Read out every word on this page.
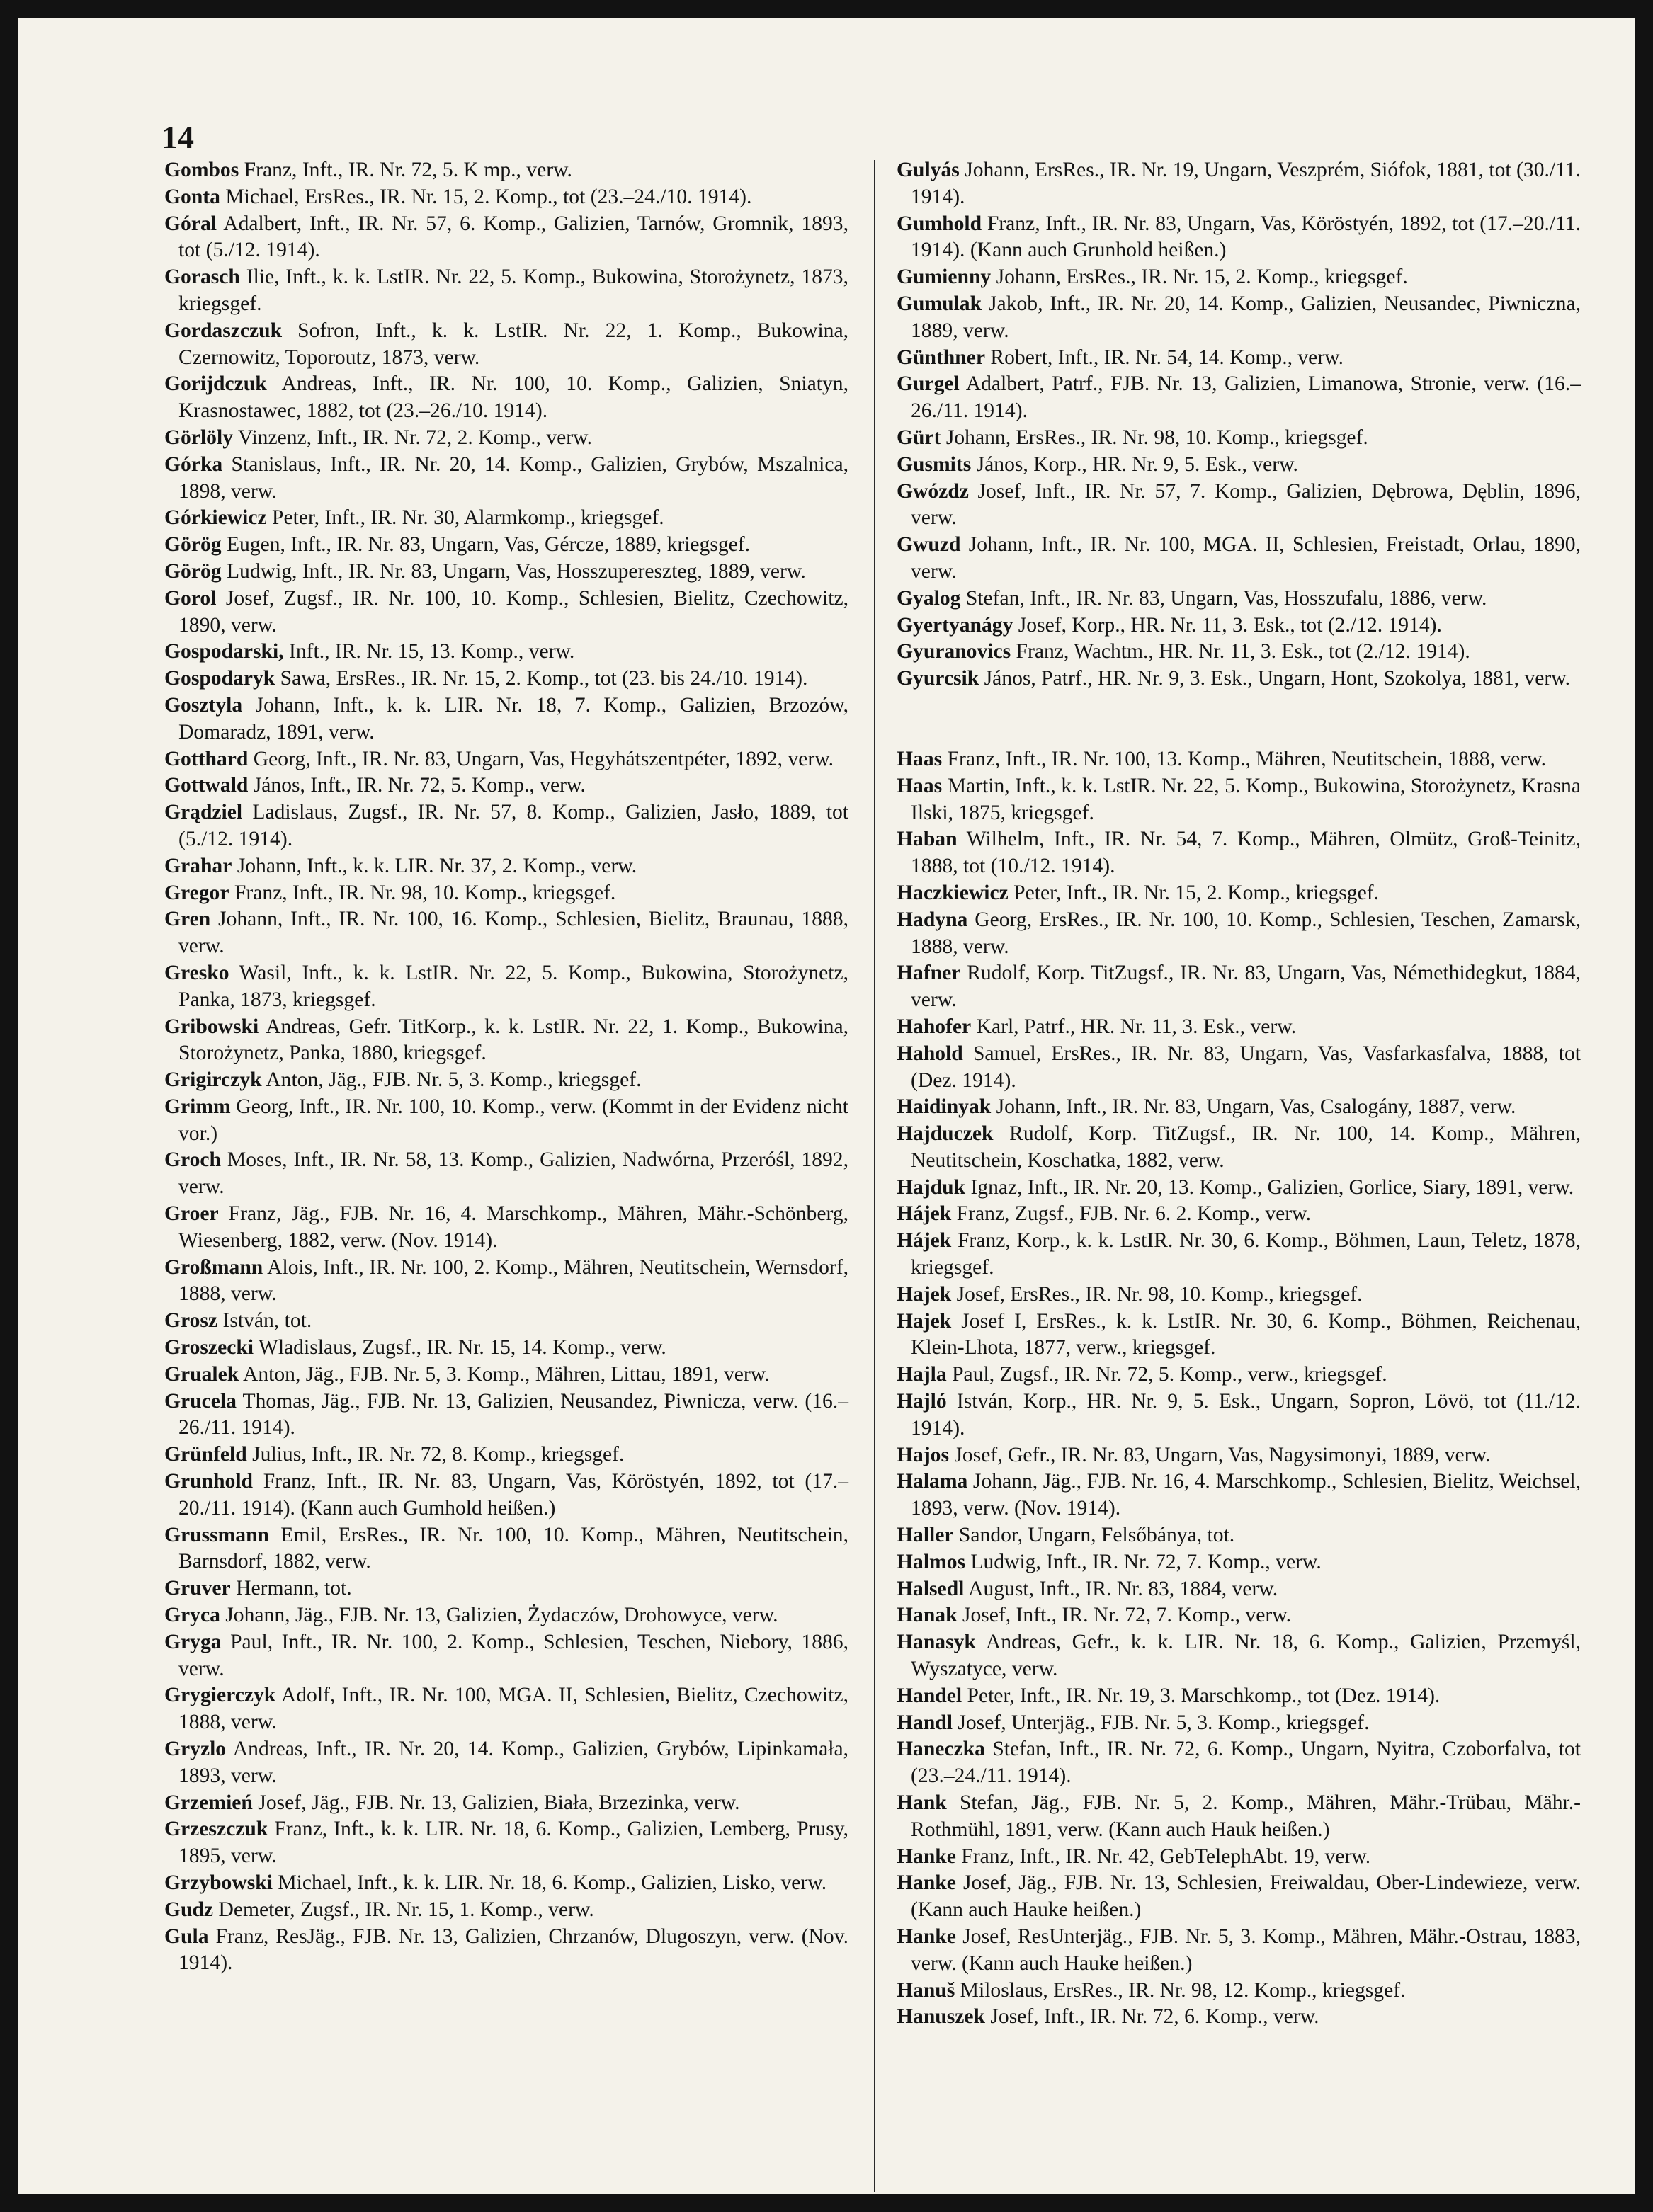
14
Gombos Franz, Inft., IR. Nr. 72, 5. K mp., verw.
Gonta Michael, ErsRes., IR. Nr. 15, 2. Komp., tot (23.–24./10. 1914).
Góral Adalbert, Inft., IR. Nr. 57, 6. Komp., Galizien, Tarnów, Gromnik, 1893, tot (5./12. 1914).
Gorasch Ilie, Inft., k. k. LstIR. Nr. 22, 5. Komp., Bukowina, Storożynetz, 1873, kriegsgef.
Gordaszczuk Sofron, Inft., k. k. LstIR. Nr. 22, 1. Komp., Bukowina, Czernowitz, Toporoutz, 1873, verw.
Gorijdczuk Andreas, Inft., IR. Nr. 100, 10. Komp., Galizien, Sniatyn, Krasnostawec, 1882, tot (23.–26./10. 1914).
Görlöly Vinzenz, Inft., IR. Nr. 72, 2. Komp., verw.
Górka Stanislaus, Inft., IR. Nr. 20, 14. Komp., Galizien, Grybów, Mszalnica, 1898, verw.
Górkiewicz Peter, Inft., IR. Nr. 30, Alarmkomp., kriegsgef.
Görög Eugen, Inft., IR. Nr. 83, Ungarn, Vas, Gércze, 1889, kriegsgef.
Görög Ludwig, Inft., IR. Nr. 83, Ungarn, Vas, Hosszupereszteg, 1889, verw.
Gorol Josef, Zugsf., IR. Nr. 100, 10. Komp., Schlesien, Bielitz, Czechowitz, 1890, verw.
Gospodarski, Inft., IR. Nr. 15, 13. Komp., verw.
Gospodaryk Sawa, ErsRes., IR. Nr. 15, 2. Komp., tot (23. bis 24./10. 1914).
Gosztyla Johann, Inft., k. k. LIR. Nr. 18, 7. Komp., Galizien, Brzozów, Domaradz, 1891, verw.
Gotthard Georg, Inft., IR. Nr. 83, Ungarn, Vas, Hegyhátszentpéter, 1892, verw.
Gottwald János, Inft., IR. Nr. 72, 5. Komp., verw.
Grądziel Ladislaus, Zugsf., IR. Nr. 57, 8. Komp., Galizien, Jasło, 1889, tot (5./12. 1914).
Grahar Johann, Inft., k. k. LIR. Nr. 37, 2. Komp., verw.
Gregor Franz, Inft., IR. Nr. 98, 10. Komp., kriegsgef.
Gren Johann, Inft., IR. Nr. 100, 16. Komp., Schlesien, Bielitz, Braunau, 1888, verw.
Gresko Wasil, Inft., k. k. LstIR. Nr. 22, 5. Komp., Bukowina, Storożynetz, Panka, 1873, kriegsgef.
Gribowski Andreas, Gefr. TitKorp., k. k. LstIR. Nr. 22, 1. Komp., Bukowina, Storożynetz, Panka, 1880, kriegsgef.
Grigirczyk Anton, Jäg., FJB. Nr. 5, 3. Komp., kriegsgef.
Grimm Georg, Inft., IR. Nr. 100, 10. Komp., verw. (Kommt in der Evidenz nicht vor.)
Groch Moses, Inft., IR. Nr. 58, 13. Komp., Galizien, Nadwórna, Przeróśl, 1892, verw.
Groer Franz, Jäg., FJB. Nr. 16, 4. Marschkomp., Mähren, Mähr.-Schönberg, Wiesenberg, 1882, verw. (Nov. 1914).
Großmann Alois, Inft., IR. Nr. 100, 2. Komp., Mähren, Neutitschein, Wernsdorf, 1888, verw.
Grosz István, tot.
Groszecki Wladislaus, Zugsf., IR. Nr. 15, 14. Komp., verw.
Grualek Anton, Jäg., FJB. Nr. 5, 3. Komp., Mähren, Littau, 1891, verw.
Grucela Thomas, Jäg., FJB. Nr. 13, Galizien, Neusandez, Piwnicza, verw. (16.–26./11. 1914).
Grünfeld Julius, Inft., IR. Nr. 72, 8. Komp., kriegsgef.
Grunhold Franz, Inft., IR. Nr. 83, Ungarn, Vas, Köröstyén, 1892, tot (17.–20./11. 1914). (Kann auch Gumhold heißen.)
Grussmann Emil, ErsRes., IR. Nr. 100, 10. Komp., Mähren, Neutitschein, Barnsdorf, 1882, verw.
Gruver Hermann, tot.
Gryca Johann, Jäg., FJB. Nr. 13, Galizien, Żydaczów, Drohowyce, verw.
Gryga Paul, Inft., IR. Nr. 100, 2. Komp., Schlesien, Teschen, Niebory, 1886, verw.
Grygierczyk Adolf, Inft., IR. Nr. 100, MGA. II, Schlesien, Bielitz, Czechowitz, 1888, verw.
Gryzlo Andreas, Inft., IR. Nr. 20, 14. Komp., Galizien, Grybów, Lipinkamała, 1893, verw.
Grzemień Josef, Jäg., FJB. Nr. 13, Galizien, Biała, Brzezinka, verw.
Grzeszczuk Franz, Inft., k. k. LIR. Nr. 18, 6. Komp., Galizien, Lemberg, Prusy, 1895, verw.
Grzybowski Michael, Inft., k. k. LIR. Nr. 18, 6. Komp., Galizien, Lisko, verw.
Gudz Demeter, Zugsf., IR. Nr. 15, 1. Komp., verw.
Gula Franz, ResJäg., FJB. Nr. 13, Galizien, Chrzanów, Dlugoszyn, verw. (Nov. 1914).
Gulyás Johann, ErsRes., IR. Nr. 19, Ungarn, Veszprém, Siófok, 1881, tot (30./11. 1914).
Gumhold Franz, Inft., IR. Nr. 83, Ungarn, Vas, Köröstyén, 1892, tot (17.–20./11. 1914). (Kann auch Grunhold heißen.)
Gumienny Johann, ErsRes., IR. Nr. 15, 2. Komp., kriegsgef.
Gumulak Jakob, Inft., IR. Nr. 20, 14. Komp., Galizien, Neusandec, Piwniczna, 1889, verw.
Günthner Robert, Inft., IR. Nr. 54, 14. Komp., verw.
Gurgel Adalbert, Patrf., FJB. Nr. 13, Galizien, Limanowa, Stronie, verw. (16.–26./11. 1914).
Gürt Johann, ErsRes., IR. Nr. 98, 10. Komp., kriegsgef.
Gusmits János, Korp., HR. Nr. 9, 5. Esk., verw.
Gwózdz Josef, Inft., IR. Nr. 57, 7. Komp., Galizien, Dębrowa, Dęblin, 1896, verw.
Gwuzd Johann, Inft., IR. Nr. 100, MGA. II, Schlesien, Freistadt, Orlau, 1890, verw.
Gyalog Stefan, Inft., IR. Nr. 83, Ungarn, Vas, Hosszufalu, 1886, verw.
Gyertyanágy Josef, Korp., HR. Nr. 11, 3. Esk., tot (2./12. 1914).
Gyuranovics Franz, Wachtm., HR. Nr. 11, 3. Esk., tot (2./12. 1914).
Gyurcsik János, Patrf., HR. Nr. 9, 3. Esk., Ungarn, Hont, Szokolya, 1881, verw.
Haas Franz, Inft., IR. Nr. 100, 13. Komp., Mähren, Neutitschein, 1888, verw.
Haas Martin, Inft., k. k. LstIR. Nr. 22, 5. Komp., Bukowina, Storożynetz, Krasna Ilski, 1875, kriegsgef.
Haban Wilhelm, Inft., IR. Nr. 54, 7. Komp., Mähren, Olmütz, Groß-Teinitz, 1888, tot (10./12. 1914).
Haczkiewicz Peter, Inft., IR. Nr. 15, 2. Komp., kriegsgef.
Hadyna Georg, ErsRes., IR. Nr. 100, 10. Komp., Schlesien, Teschen, Zamarsk, 1888, verw.
Hafner Rudolf, Korp. TitZugsf., IR. Nr. 83, Ungarn, Vas, Némethidegkut, 1884, verw.
Hahofer Karl, Patrf., HR. Nr. 11, 3. Esk., verw.
Hahold Samuel, ErsRes., IR. Nr. 83, Ungarn, Vas, Vasfarkasfalva, 1888, tot (Dez. 1914).
Haidinyak Johann, Inft., IR. Nr. 83, Ungarn, Vas, Csalogány, 1887, verw.
Hajduczek Rudolf, Korp. TitZugsf., IR. Nr. 100, 14. Komp., Mähren, Neutitschein, Koschatka, 1882, verw.
Hajduk Ignaz, Inft., IR. Nr. 20, 13. Komp., Galizien, Gorlice, Siary, 1891, verw.
Hájek Franz, Zugsf., FJB. Nr. 6. 2. Komp., verw.
Hájek Franz, Korp., k. k. LstIR. Nr. 30, 6. Komp., Böhmen, Laun, Teletz, 1878, kriegsgef.
Hajek Josef, ErsRes., IR. Nr. 98, 10. Komp., kriegsgef.
Hajek Josef I, ErsRes., k. k. LstIR. Nr. 30, 6. Komp., Böhmen, Reichenau, Klein-Lhota, 1877, verw., kriegsgef.
Hajla Paul, Zugsf., IR. Nr. 72, 5. Komp., verw., kriegsgef.
Hajló István, Korp., HR. Nr. 9, 5. Esk., Ungarn, Sopron, Lövö, tot (11./12. 1914).
Hajos Josef, Gefr., IR. Nr. 83, Ungarn, Vas, Nagysimonyi, 1889, verw.
Halama Johann, Jäg., FJB. Nr. 16, 4. Marschkomp., Schlesien, Bielitz, Weichsel, 1893, verw. (Nov. 1914).
Haller Sandor, Ungarn, Felsőbánya, tot.
Halmos Ludwig, Inft., IR. Nr. 72, 7. Komp., verw.
Halsedl August, Inft., IR. Nr. 83, 1884, verw.
Hanak Josef, Inft., IR. Nr. 72, 7. Komp., verw.
Hanasyk Andreas, Gefr., k. k. LIR. Nr. 18, 6. Komp., Galizien, Przemyśl, Wyszatyce, verw.
Handel Peter, Inft., IR. Nr. 19, 3. Marschkomp., tot (Dez. 1914).
Handl Josef, Unterjäg., FJB. Nr. 5, 3. Komp., kriegsgef.
Haneczka Stefan, Inft., IR. Nr. 72, 6. Komp., Ungarn, Nyitra, Czoborfalva, tot (23.–24./11. 1914).
Hank Stefan, Jäg., FJB. Nr. 5, 2. Komp., Mähren, Mähr.-Trübau, Mähr.-Rothmühl, 1891, verw. (Kann auch Hauk heißen.)
Hanke Franz, Inft., IR. Nr. 42, GebTelephAbt. 19, verw.
Hanke Josef, Jäg., FJB. Nr. 13, Schlesien, Freiwaldau, Ober-Lindewieze, verw. (Kann auch Hauke heißen.)
Hanke Josef, ResUnterjäg., FJB. Nr. 5, 3. Komp., Mähren, Mähr.-Ostrau, 1883, verw. (Kann auch Hauke heißen.)
Hanuš Miloslaus, ErsRes., IR. Nr. 98, 12. Komp., kriegsgef.
Hanuszek Josef, Inft., IR. Nr. 72, 6. Komp., verw.
